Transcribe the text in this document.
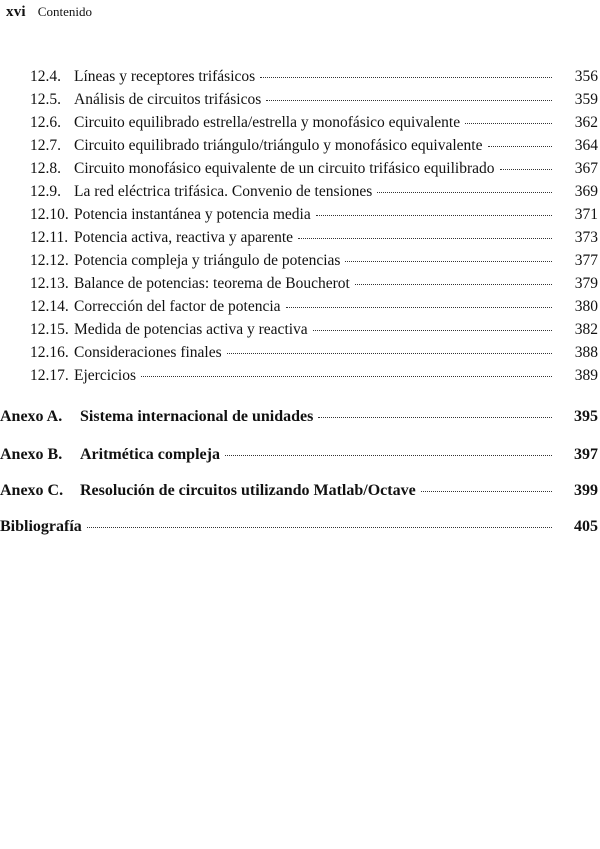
xvi Contenido
12.4. Líneas y receptores trifásicos	356
12.5. Análisis de circuitos trifásicos	359
12.6. Circuito equilibrado estrella/estrella y monofásico equivalente	362
12.7. Circuito equilibrado triángulo/triángulo y monofásico equivalente	364
12.8. Circuito monofásico equivalente de un circuito trifásico equilibrado	367
12.9. La red eléctrica trifásica. Convenio de tensiones	369
12.10. Potencia instantánea y potencia media	371
12.11. Potencia activa, reactiva y aparente	373
12.12. Potencia compleja y triángulo de potencias	377
12.13. Balance de potencias: teorema de Boucherot	379
12.14. Corrección del factor de potencia	380
12.15. Medida de potencias activa y reactiva	382
12.16. Consideraciones finales	388
12.17. Ejercicios	389
Anexo A.	Sistema internacional de unidades	395
Anexo B.	Aritmética compleja	397
Anexo C.	Resolución de circuitos utilizando Matlab/Octave	399
Bibliografía	405
